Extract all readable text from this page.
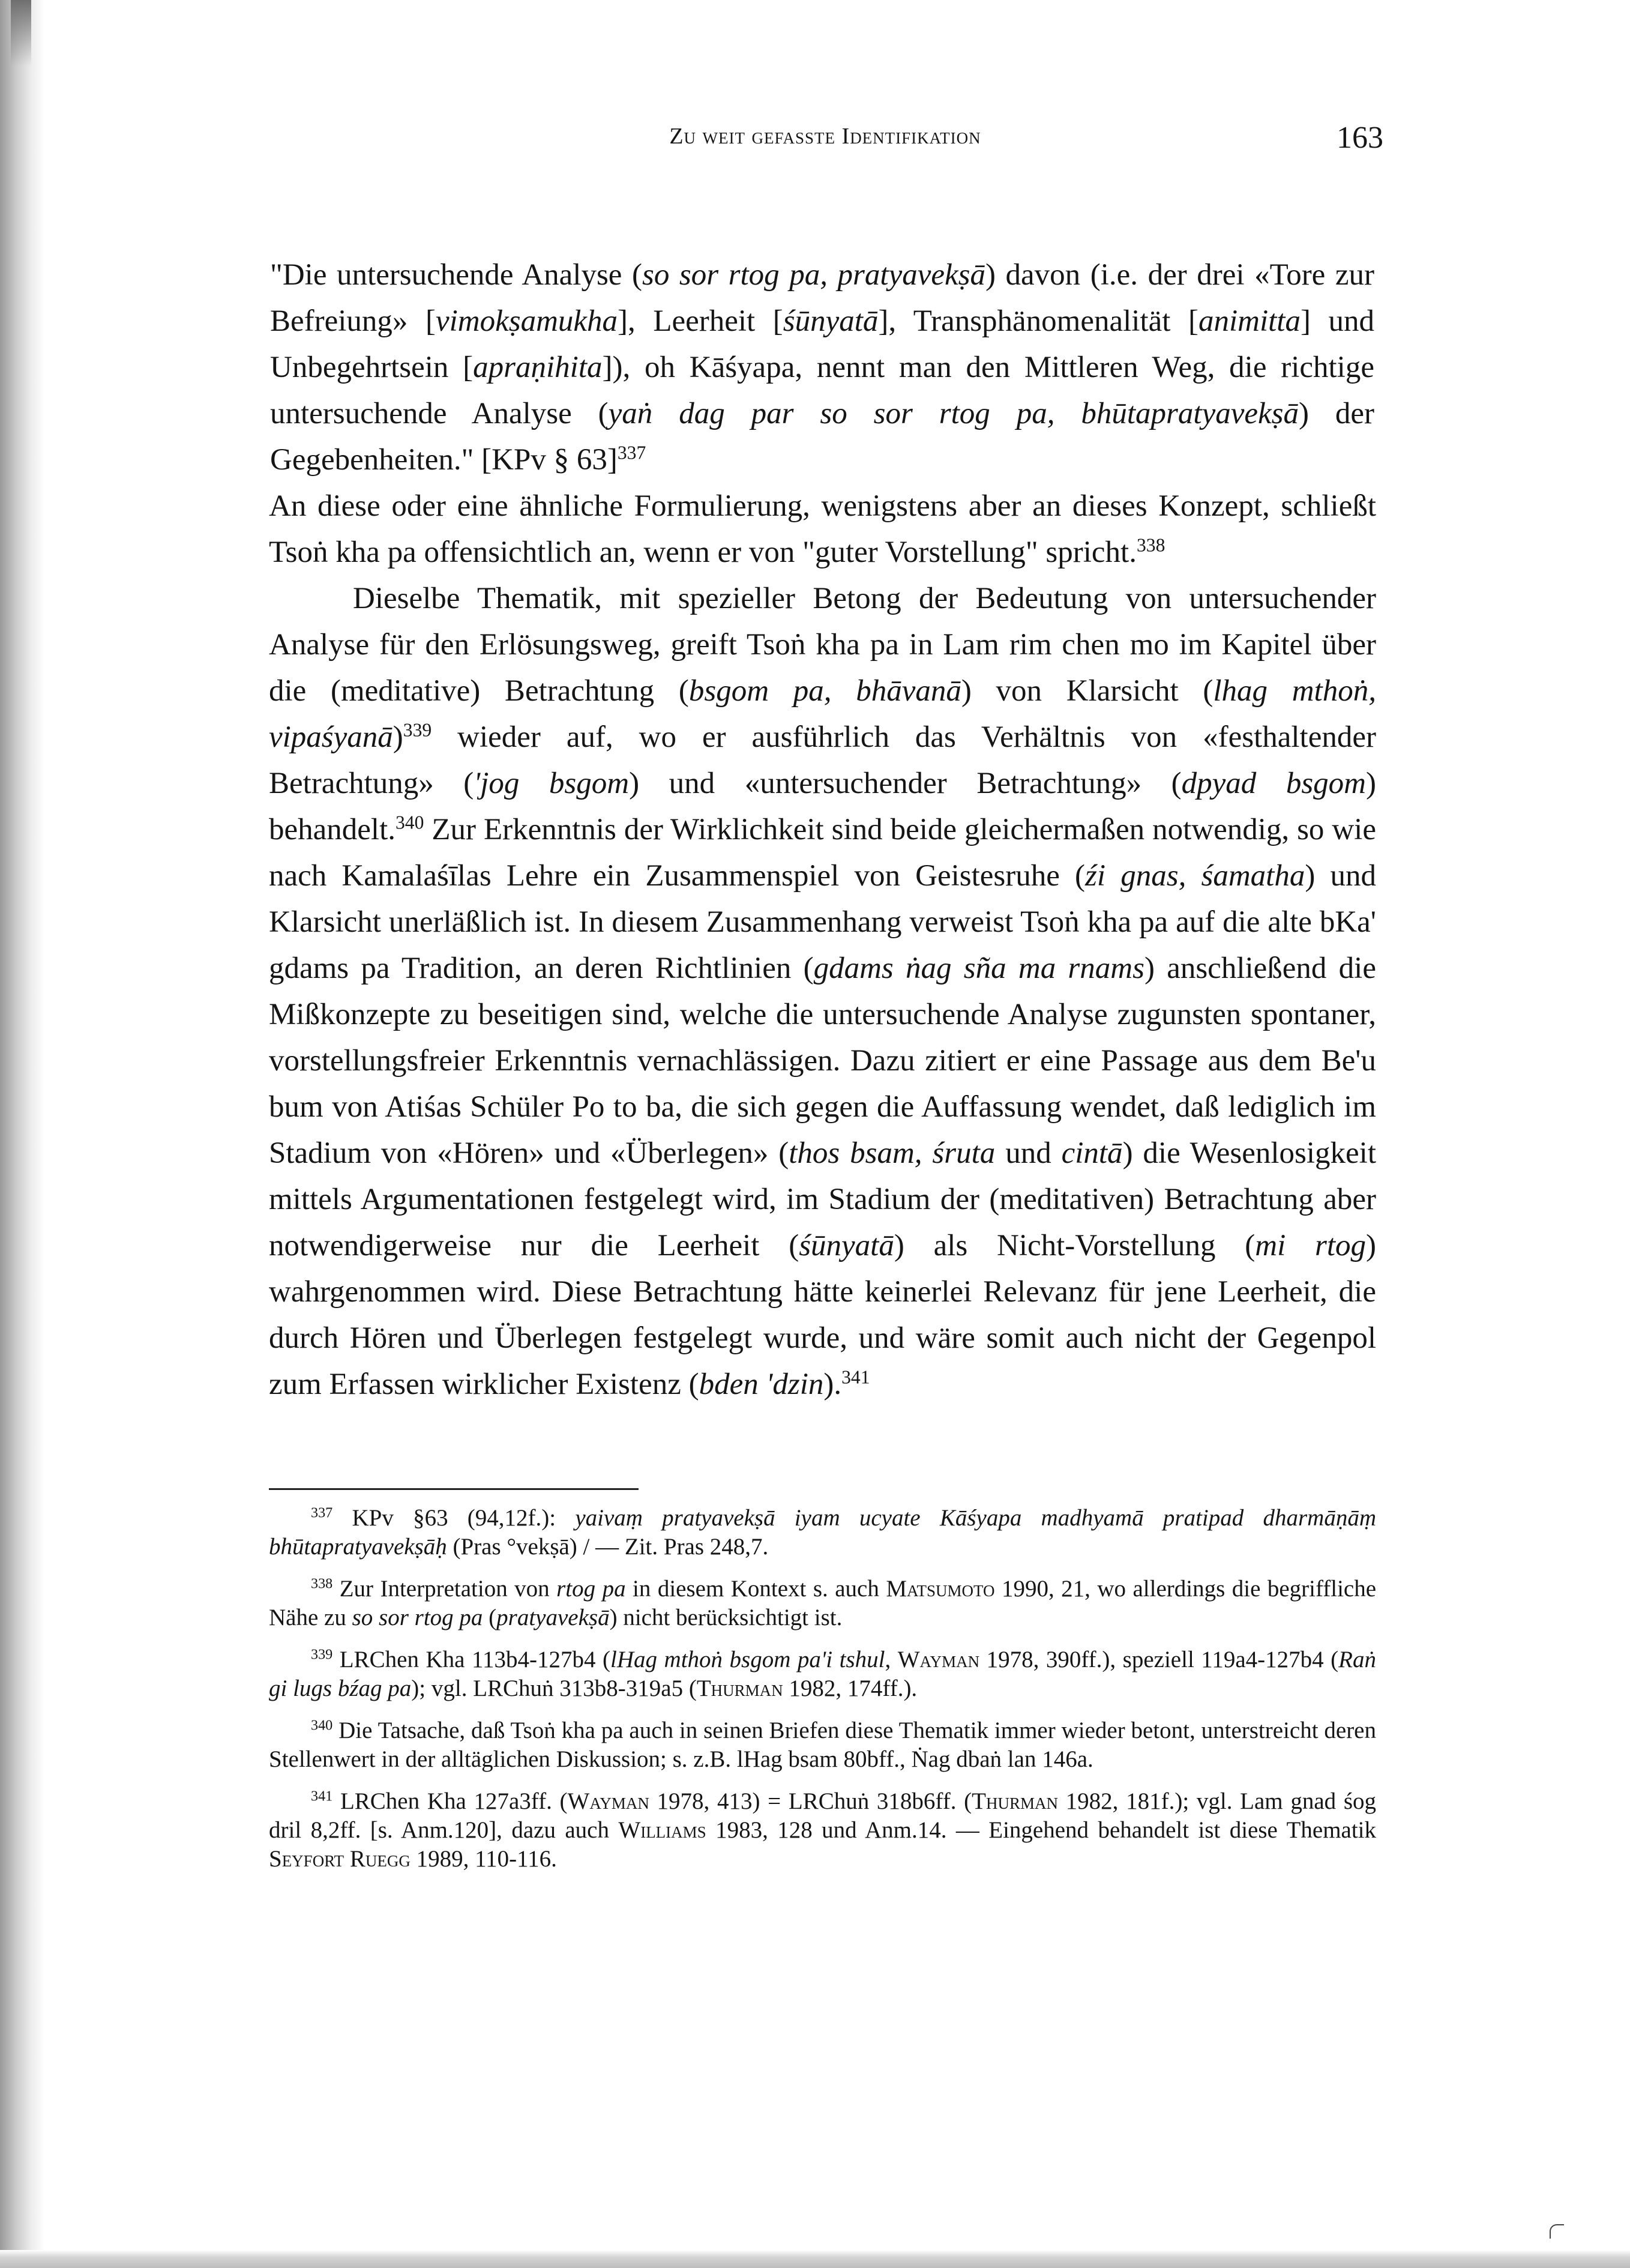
Zu weit gefasste Identifikation	163
"Die untersuchende Analyse (so sor rtog pa, pratyavekṣā) davon (i.e. der drei «Tore zur Befreiung» [vimokṣamukha], Leerheit [śūnyatā], Transphänomenalität [animitta] und Unbegehrtsein [apraṇihita]), oh Kāśyapa, nennt man den Mittleren Weg, die richtige untersuchende Analyse (yaṅ dag par so sor rtog pa, bhūtapratyavekṣā) der Gegebenheiten." [KPv § 63]$^{337}$

An diese oder eine ähnliche Formulierung, wenigstens aber an dieses Konzept, schließt Tsoṅ kha pa offensichtlich an, wenn er von "guter Vorstellung" spricht.$^{338}$

Dieselbe Thematik, mit spezieller Betong der Bedeutung von untersuchender Analyse für den Erlösungsweg, greift Tsoṅ kha pa in Lam rim chen mo im Kapitel über die (meditative) Betrachtung (bsgom pa, bhāvanā) von Klarsicht (lhag mthoṅ, vipaśyanā)$^{339}$ wieder auf, wo er ausführlich das Verhältnis von «festhaltender Betrachtung» ('jog bsgom) und «untersuchender Betrachtung» (dpyad bsgom) behandelt.$^{340}$ Zur Erkenntnis der Wirklichkeit sind beide gleichermaßen notwendig, so wie nach Kamalaśīlas Lehre ein Zusammenspiel von Geistesruhe (źi gnas, śamatha) und Klarsicht unerläßlich ist. In diesem Zusammenhang verweist Tsoṅ kha pa auf die alte bKa' gdams pa Tradition, an deren Richtlinien (gdams ṅag sña ma rnams) anschließend die Mißkonzepte zu beseitigen sind, welche die untersuchende Analyse zugunsten spontaner, vorstellungsfreier Erkenntnis vernachlässigen. Dazu zitiert er eine Passage aus dem Be'u bum von Atiśas Schüler Po to ba, die sich gegen die Auffassung wendet, daß lediglich im Stadium von «Hören» und «Überlegen» (thos bsam, śruta und cintā) die Wesenlosigkeit mittels Argumentationen festgelegt wird, im Stadium der (meditativen) Betrachtung aber notwendigerweise nur die Leerheit (śūnyatā) als Nicht-Vorstellung (mi rtog) wahrgenommen wird. Diese Betrachtung hätte keinerlei Relevanz für jene Leerheit, die durch Hören und Überlegen festgelegt wurde, und wäre somit auch nicht der Gegenpol zum Erfassen wirklicher Existenz (bden 'dzin).$^{341}$

$^{337}$ KPv §63 (94,12f.): yaivaṃ pratyavekṣā iyam ucyate Kāśyapa madhyamā pratipad dharmāṇāṃ bhūtapratyavekṣāḥ (Pras °vekṣā) / — Zit. Pras 248,7.

$^{338}$ Zur Interpretation von rtog pa in diesem Kontext s. auch Matsumoto 1990, 21, wo allerdings die begriffliche Nähe zu so sor rtog pa (pratyavekṣā) nicht berücksichtigt ist.

$^{339}$ LRChen Kha 113b4-127b4 (lHag mthoṅ bsgom pa'i tshul, Wayman 1978, 390ff.), speziell 119a4-127b4 (Raṅ gi lugs bźag pa); vgl. LRChuṅ 313b8-319a5 (Thurman 1982, 174ff.).

$^{340}$ Die Tatsache, daß Tsoṅ kha pa auch in seinen Briefen diese Thematik immer wieder betont, unterstreicht deren Stellenwert in der alltäglichen Diskussion; s. z.B. lHag bsam 80bff., Ṅag dbaṅ lan 146a.

$^{341}$ LRChen Kha 127a3ff. (Wayman 1978, 413) = LRChuṅ 318b6ff. (Thurman 1982, 181f.); vgl. Lam gnad śog dril 8,2ff. [s. Anm.120], dazu auch Williams 1983, 128 und Anm.14. — Eingehend behandelt ist diese Thematik Seyfort Ruegg 1989, 110-116.
